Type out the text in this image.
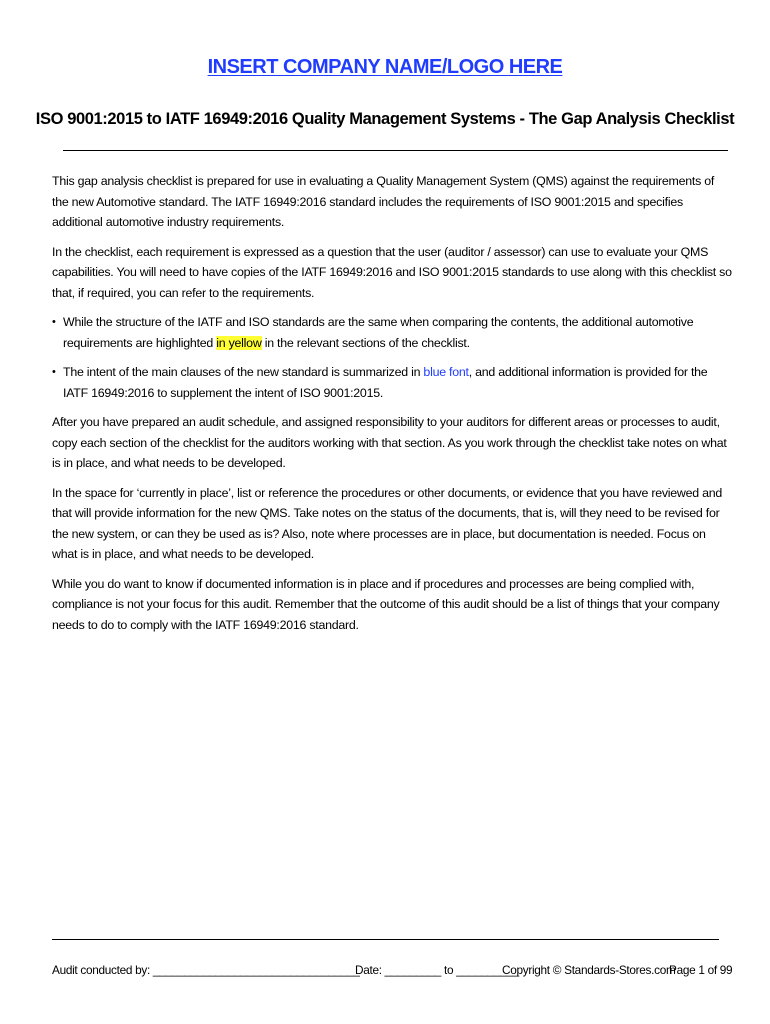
INSERT COMPANY NAME/LOGO HERE
ISO 9001:2015 to IATF 16949:2016 Quality Management Systems - The Gap Analysis Checklist

This gap analysis checklist is prepared for use in evaluating a Quality Management System (QMS) against the requirements of the new Automotive standard. The IATF 16949:2016 standard includes the requirements of ISO 9001:2015 and specifies additional automotive industry requirements.

In the checklist, each requirement is expressed as a question that the user (auditor / assessor) can use to evaluate your QMS capabilities. You will need to have copies of the IATF 16949:2016 and ISO 9001:2015 standards to use along with this checklist so that, if required, you can refer to the requirements.

• While the structure of the IATF and ISO standards are the same when comparing the contents, the additional automotive requirements are highlighted in yellow in the relevant sections of the checklist.
• The intent of the main clauses of the new standard is summarized in blue font, and additional information is provided for the IATF 16949:2016 to supplement the intent of ISO 9001:2015.

After you have prepared an audit schedule, and assigned responsibility to your auditors for different areas or processes to audit, copy each section of the checklist for the auditors working with that section. As you work through the checklist take notes on what is in place, and what needs to be developed.

In the space for ‘currently in place’, list or reference the procedures or other documents, or evidence that you have reviewed and that will provide information for the new QMS. Take notes on the status of the documents, that is, will they need to be revised for the new system, or can they be used as is? Also, note where processes are in place, but documentation is needed. Focus on what is in place, and what needs to be developed.

While you do want to know if documented information is in place and if procedures and processes are being complied with, compliance is not your focus for this audit. Remember that the outcome of this audit should be a list of things that your company needs to do to comply with the IATF 16949:2016 standard.

Audit conducted by: _________________________________
Date: _________ to __________
Copyright © Standards-Stores.com
Page 1 of 99
